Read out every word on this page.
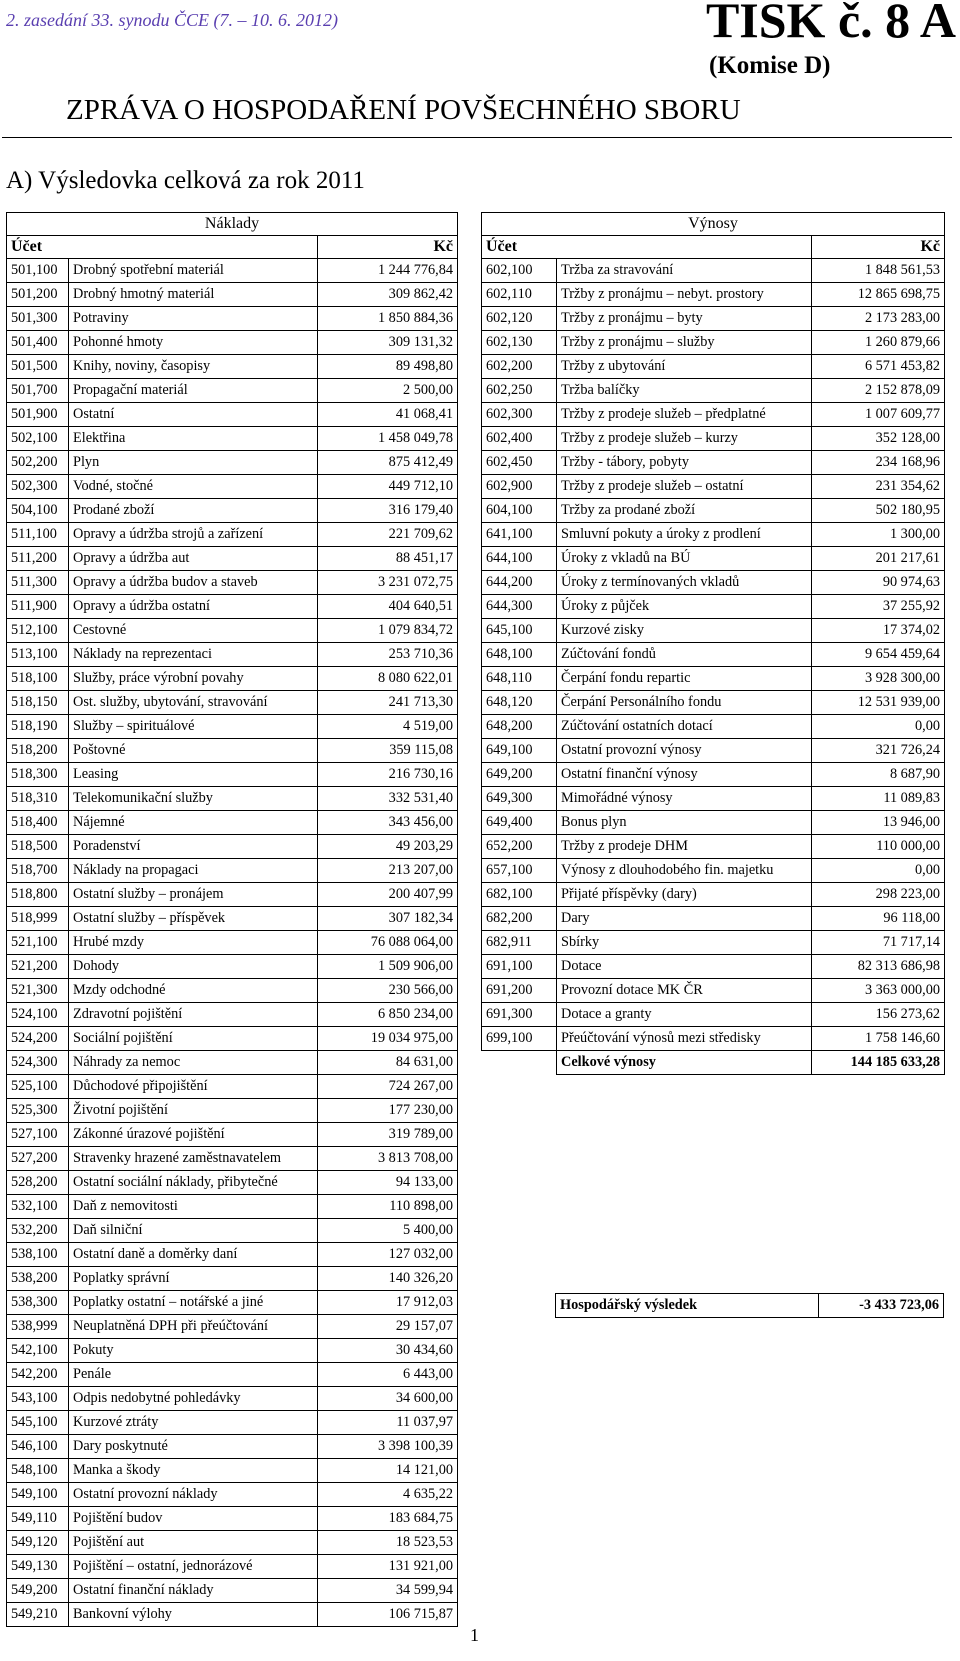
2. zasedání 33. synodu ČCE (7. – 10. 6. 2012)	TISK č. 8 A
(Komise D)
ZPRÁVA O HOSPODAŘENÍ POVŠECHNÉHO SBORU
A) Výsledovka celková za rok 2011
Náklady		
Účet		Kč
501,100	Drobný spotřební materiál	1 244 776,84
501,200	Drobný hmotný materiál	309 862,42
501,300	Potraviny	1 850 884,36
501,400	Pohonné hmoty	309 131,32
501,500	Knihy, noviny, časopisy	89 498,80
501,700	Propagační materiál	2 500,00
501,900	Ostatní	41 068,41
502,100	Elektřina	1 458 049,78
502,200	Plyn	875 412,49
502,300	Vodné, stočné	449 712,10
504,100	Prodané zboží	316 179,40
511,100	Opravy a údržba strojů a zařízení	221 709,62
511,200	Opravy a údržba aut	88 451,17
511,300	Opravy a údržba budov a staveb	3 231 072,75
511,900	Opravy a údržba ostatní	404 640,51
512,100	Cestovné	1 079 834,72
513,100	Náklady na reprezentaci	253 710,36
518,100	Služby, práce výrobní povahy	8 080 622,01
518,150	Ost. služby, ubytování, stravování	241 713,30
518,190	Služby – spirituálové	4 519,00
518,200	Poštovné	359 115,08
518,300	Leasing	216 730,16
518,310	Telekomunikační služby	332 531,40
518,400	Nájemné	343 456,00
518,500	Poradenství	49 203,29
518,700	Náklady na propagaci	213 207,00
518,800	Ostatní služby – pronájem	200 407,99
518,999	Ostatní služby – příspěvek	307 182,34
521,100	Hrubé mzdy	76 088 064,00
521,200	Dohody	1 509 906,00
521,300	Mzdy odchodné	230 566,00
524,100	Zdravotní pojištění	6 850 234,00
524,200	Sociální pojištění	19 034 975,00
524,300	Náhrady za nemoc	84 631,00
525,100	Důchodové připojištění	724 267,00
525,300	Životní pojištění	177 230,00
527,100	Zákonné úrazové pojištění	319 789,00
527,200	Stravenky hrazené zaměstnavatelem	3 813 708,00
528,200	Ostatní sociální náklady, přibytečné	94 133,00
532,100	Daň z nemovitosti	110 898,00
532,200	Daň silniční	5 400,00
538,100	Ostatní daně a doměrky daní	127 032,00
538,200	Poplatky správní	140 326,20
538,300	Poplatky ostatní – notářské a jiné	17 912,03
538,999	Neuplatněná DPH při přeúčtování	29 157,07
542,100	Pokuty	30 434,60
542,200	Penále	6 443,00
543,100	Odpis nedobytné pohledávky	34 600,00
545,100	Kurzové ztráty	11 037,97
546,100	Dary poskytnuté	3 398 100,39
548,100	Manka a škody	14 121,00
549,100	Ostatní provozní náklady	4 635,22
549,110	Pojištění budov	183 684,75
549,120	Pojištění aut	18 523,53
549,130	Pojištění – ostatní, jednorázové	131 921,00
549,200	Ostatní finanční náklady	34 599,94
549,210	Bankovní výlohy	106 715,87
Výnosy		
Účet		Kč
602,100	Tržba za stravování	1 848 561,53
602,110	Tržby z pronájmu – nebyt. prostory	12 865 698,75
602,120	Tržby z pronájmu – byty	2 173 283,00
602,130	Tržby z pronájmu – služby	1 260 879,66
602,200	Tržby z ubytování	6 571 453,82
602,250	Tržba balíčky	2 152 878,09
602,300	Tržby z prodeje služeb – předplatné	1 007 609,77
602,400	Tržby z prodeje služeb – kurzy	352 128,00
602,450	Tržby - tábory, pobyty	234 168,96
602,900	Tržby z prodeje služeb – ostatní	231 354,62
604,100	Tržby za prodané zboží	502 180,95
641,100	Smluvní pokuty a úroky z prodlení	1 300,00
644,100	Úroky z vkladů na BÚ	201 217,61
644,200	Úroky z termínovaných vkladů	90 974,63
644,300	Úroky z půjček	37 255,92
645,100	Kurzové zisky	17 374,02
648,100	Zúčtování fondů	9 654 459,64
648,110	Čerpání fondu repartic	3 928 300,00
648,120	Čerpání Personálního fondu	12 531 939,00
648,200	Zúčtování ostatních dotací	0,00
649,100	Ostatní provozní výnosy	321 726,24
649,200	Ostatní finanční výnosy	8 687,90
649,300	Mimořádné výnosy	11 089,83
649,400	Bonus plyn	13 946,00
652,200	Tržby z prodeje DHM	110 000,00
657,100	Výnosy z dlouhodobého fin. majetku	0,00
682,100	Přijaté příspěvky (dary)	298 223,00
682,200	Dary	96 118,00
682,911	Sbírky	71 717,14
691,100	Dotace	82 313 686,98
691,200	Provozní dotace MK ČR	3 363 000,00
691,300	Dotace a granty	156 273,62
699,100	Přeúčtování výnosů mezi středisky	1 758 146,60
	Celkové výnosy	144 185 633,28
Hospodářský výsledek	-3 433 723,06
1
